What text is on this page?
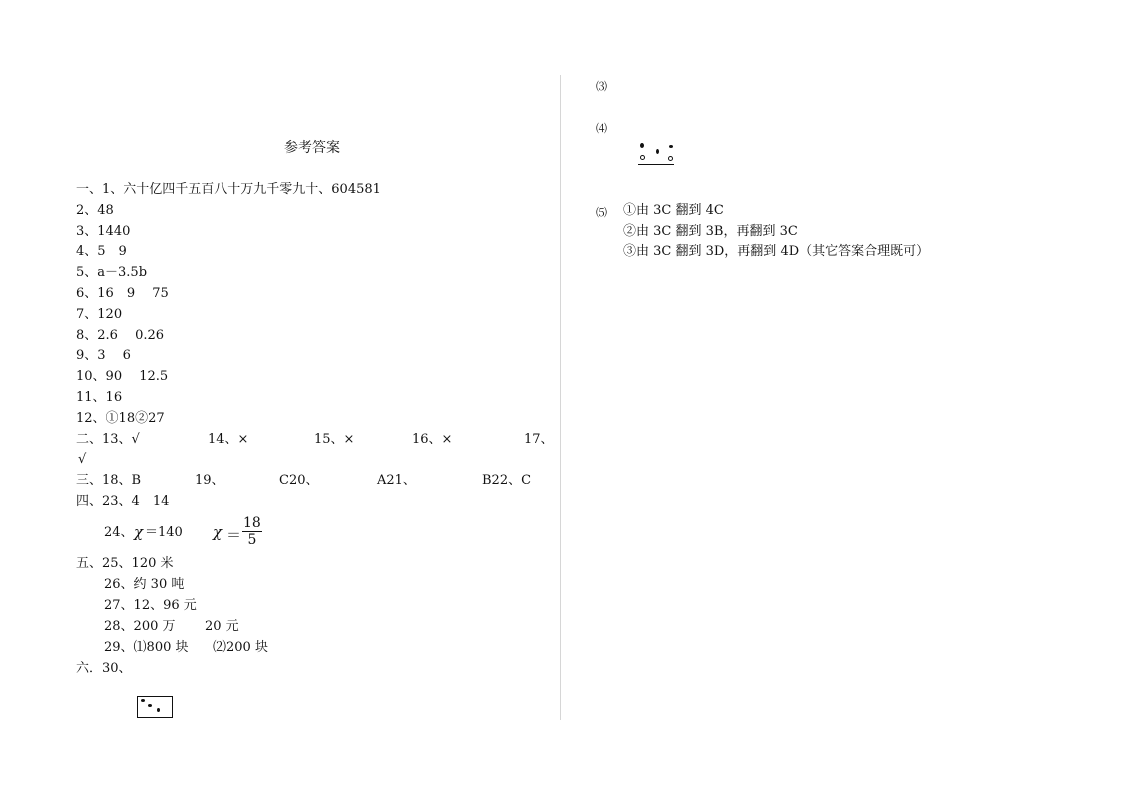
参考答案
一、1、六十亿四千五百八十万九千零九十、604581
2、48
3、1440
4、5　9
5、a－3.5b
6、16　9　 75
7、120
8、2.6　 0.26
9、3　 6
10、90　 12.5
11、16
12、①18②27
二、13、√	14、×	15、×	16、×	17、
√
三、18、B	19、	C20、	A21、	B22、C
四、23、4　14
24、 χ ＝140 $\chi = \frac{18}{5}$
五、25、120 米
26、约 30 吨
27、12、96 元
28、200 万 20 元
29、⑴800 块 ⑵200 块
六．30、
⑶
⑷
⑸ ①由 3C 翻到 4C
②由 3C 翻到 3B，再翻到 3C
③由 3C 翻到 3D，再翻到 4D（其它答案合理既可）
